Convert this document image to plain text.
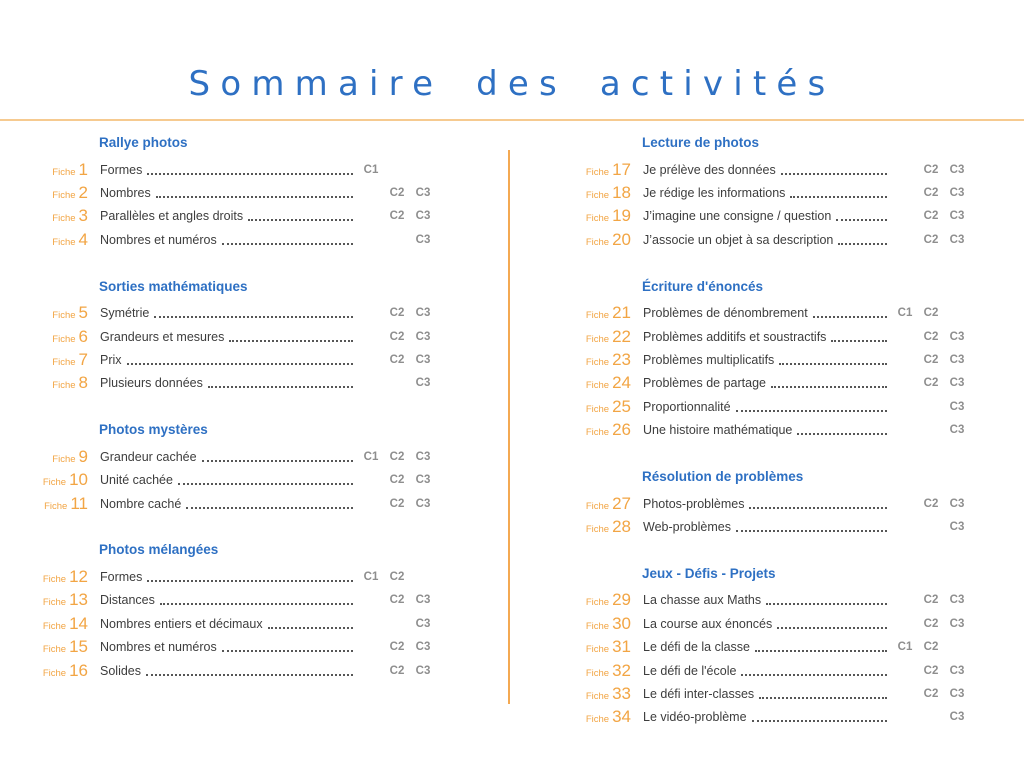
Sommaire des activités
Rallye photos
Fiche 1 Formes	C1
Fiche 2 Nombres	C2 C3
Fiche 3 Parallèles et angles droits	C2 C3
Fiche 4 Nombres et numéros	C3
Sorties mathématiques
Fiche 5 Symétrie	C2 C3
Fiche 6 Grandeurs et mesures	C2 C3
Fiche 7 Prix	C2 C3
Fiche 8 Plusieurs données	C3
Photos mystères
Fiche 9 Grandeur cachée	C1 C2 C3
Fiche 10 Unité cachée	C2 C3
Fiche 11 Nombre caché	C2 C3
Photos mélangées
Fiche 12 Formes	C1 C2
Fiche 13 Distances	C2 C3
Fiche 14 Nombres entiers et décimaux	C3
Fiche 15 Nombres et numéros	C2 C3
Fiche 16 Solides	C2 C3
Lecture de photos
Fiche 17 Je prélève des données	C2 C3
Fiche 18 Je rédige les informations	C2 C3
Fiche 19 J’imagine une consigne / question	C2 C3
Fiche 20 J’associe un objet à sa description	C2 C3
Écriture d'énoncés
Fiche 21 Problèmes de dénombrement	C1 C2
Fiche 22 Problèmes additifs et soustractifs	C2 C3
Fiche 23 Problèmes multiplicatifs	C2 C3
Fiche 24 Problèmes de partage	C2 C3
Fiche 25 Proportionnalité	C3
Fiche 26 Une histoire mathématique	C3
Résolution de problèmes
Fiche 27 Photos-problèmes	C2 C3
Fiche 28 Web-problèmes	C3
Jeux - Défis - Projets
Fiche 29 La chasse aux Maths	C2 C3
Fiche 30 La course aux énoncés	C2 C3
Fiche 31 Le défi de la classe	C1 C2
Fiche 32 Le défi de l'école	C2 C3
Fiche 33 Le défi inter-classes	C2 C3
Fiche 34 Le vidéo-problème	C3
